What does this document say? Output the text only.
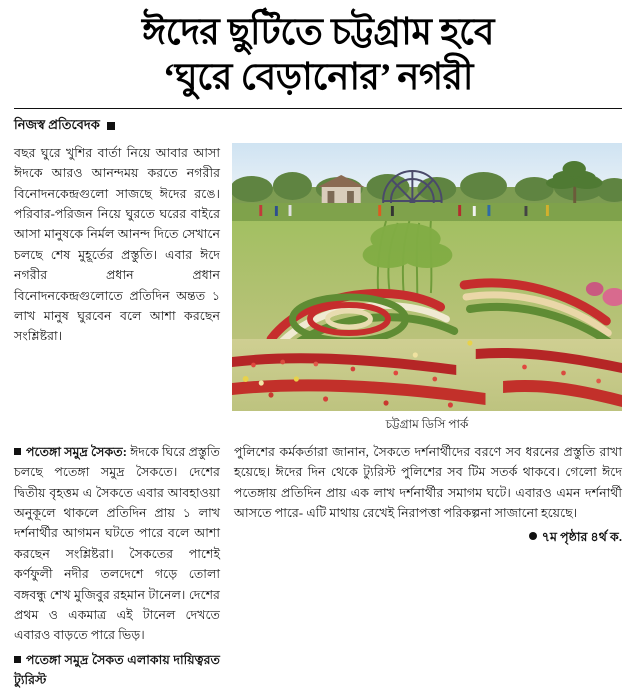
ঈদের ছুটিতে চট্টগ্রাম হবে
‘ঘুরে বেড়ানোর’ নগরী
নিজস্ব প্রতিবেদক

বছর ঘুরে খুশির বার্তা নিয়ে আবার আসা ঈদকে আরও আনন্দময় করতে নগরীর বিনোদনকেন্দ্রগুলো সাজছে ঈদের রঙে। পরিবার-পরিজন নিয়ে ঘুরতে ঘরের বাইরে আসা মানুষকে নির্মল আনন্দ দিতে সেখানে চলছে শেষ মুহূর্তের প্রস্তুতি। এবার ঈদে নগরীর প্রধান প্রধান বিনোদনকেন্দ্রগুলোতে প্রতিদিন অন্তত ১ লাখ মানুষ ঘুরবেন বলে আশা করছেন সংশ্লিষ্টরা।

চট্টগ্রাম ডিসি পার্ক

পতেঙ্গা সমুদ্র সৈকত: ঈদকে ঘিরে প্রস্তুতি চলছে পতেঙ্গা সমুদ্র সৈকতে। দেশের দ্বিতীয় বৃহত্তম এ সৈকতে এবার আবহাওয়া অনুকূলে থাকলে প্রতিদিন প্রায় ১ লাখ দর্শনার্থীর আগমন ঘটতে পারে বলে আশা করছেন সংশ্লিষ্টরা। সৈকতের পাশেই কর্ণফুলী নদীর তলদেশে গড়ে তোলা বঙ্গবন্ধু শেখ মুজিবুর রহমান টানেল। দেশের প্রথম ও একমাত্র এই টানেল দেখতে এবারও বাড়তে পারে ভিড়।

পতেঙ্গা সমুদ্র সৈকত এলাকায় দায়িত্বরত ট্যুরিস্ট

পুলিশের কর্মকর্তারা জানান, সৈকতে দর্শনার্থীদের বরণে সব ধরনের প্রস্তুতি রাখা হয়েছে। ঈদের দিন থেকে ট্যুরিস্ট পুলিশের সব টিম সতর্ক থাকবে। গেলো ঈদে পতেঙ্গায় প্রতিদিন প্রায় এক লাখ দর্শনার্থীর সমাগম ঘটে। এবারও এমন দর্শনার্থী আসতে পারে- এটি মাথায় রেখেই নিরাপত্তা পরিকল্পনা সাজানো হয়েছে।

৭ম পৃষ্ঠার ৪র্থ ক.
